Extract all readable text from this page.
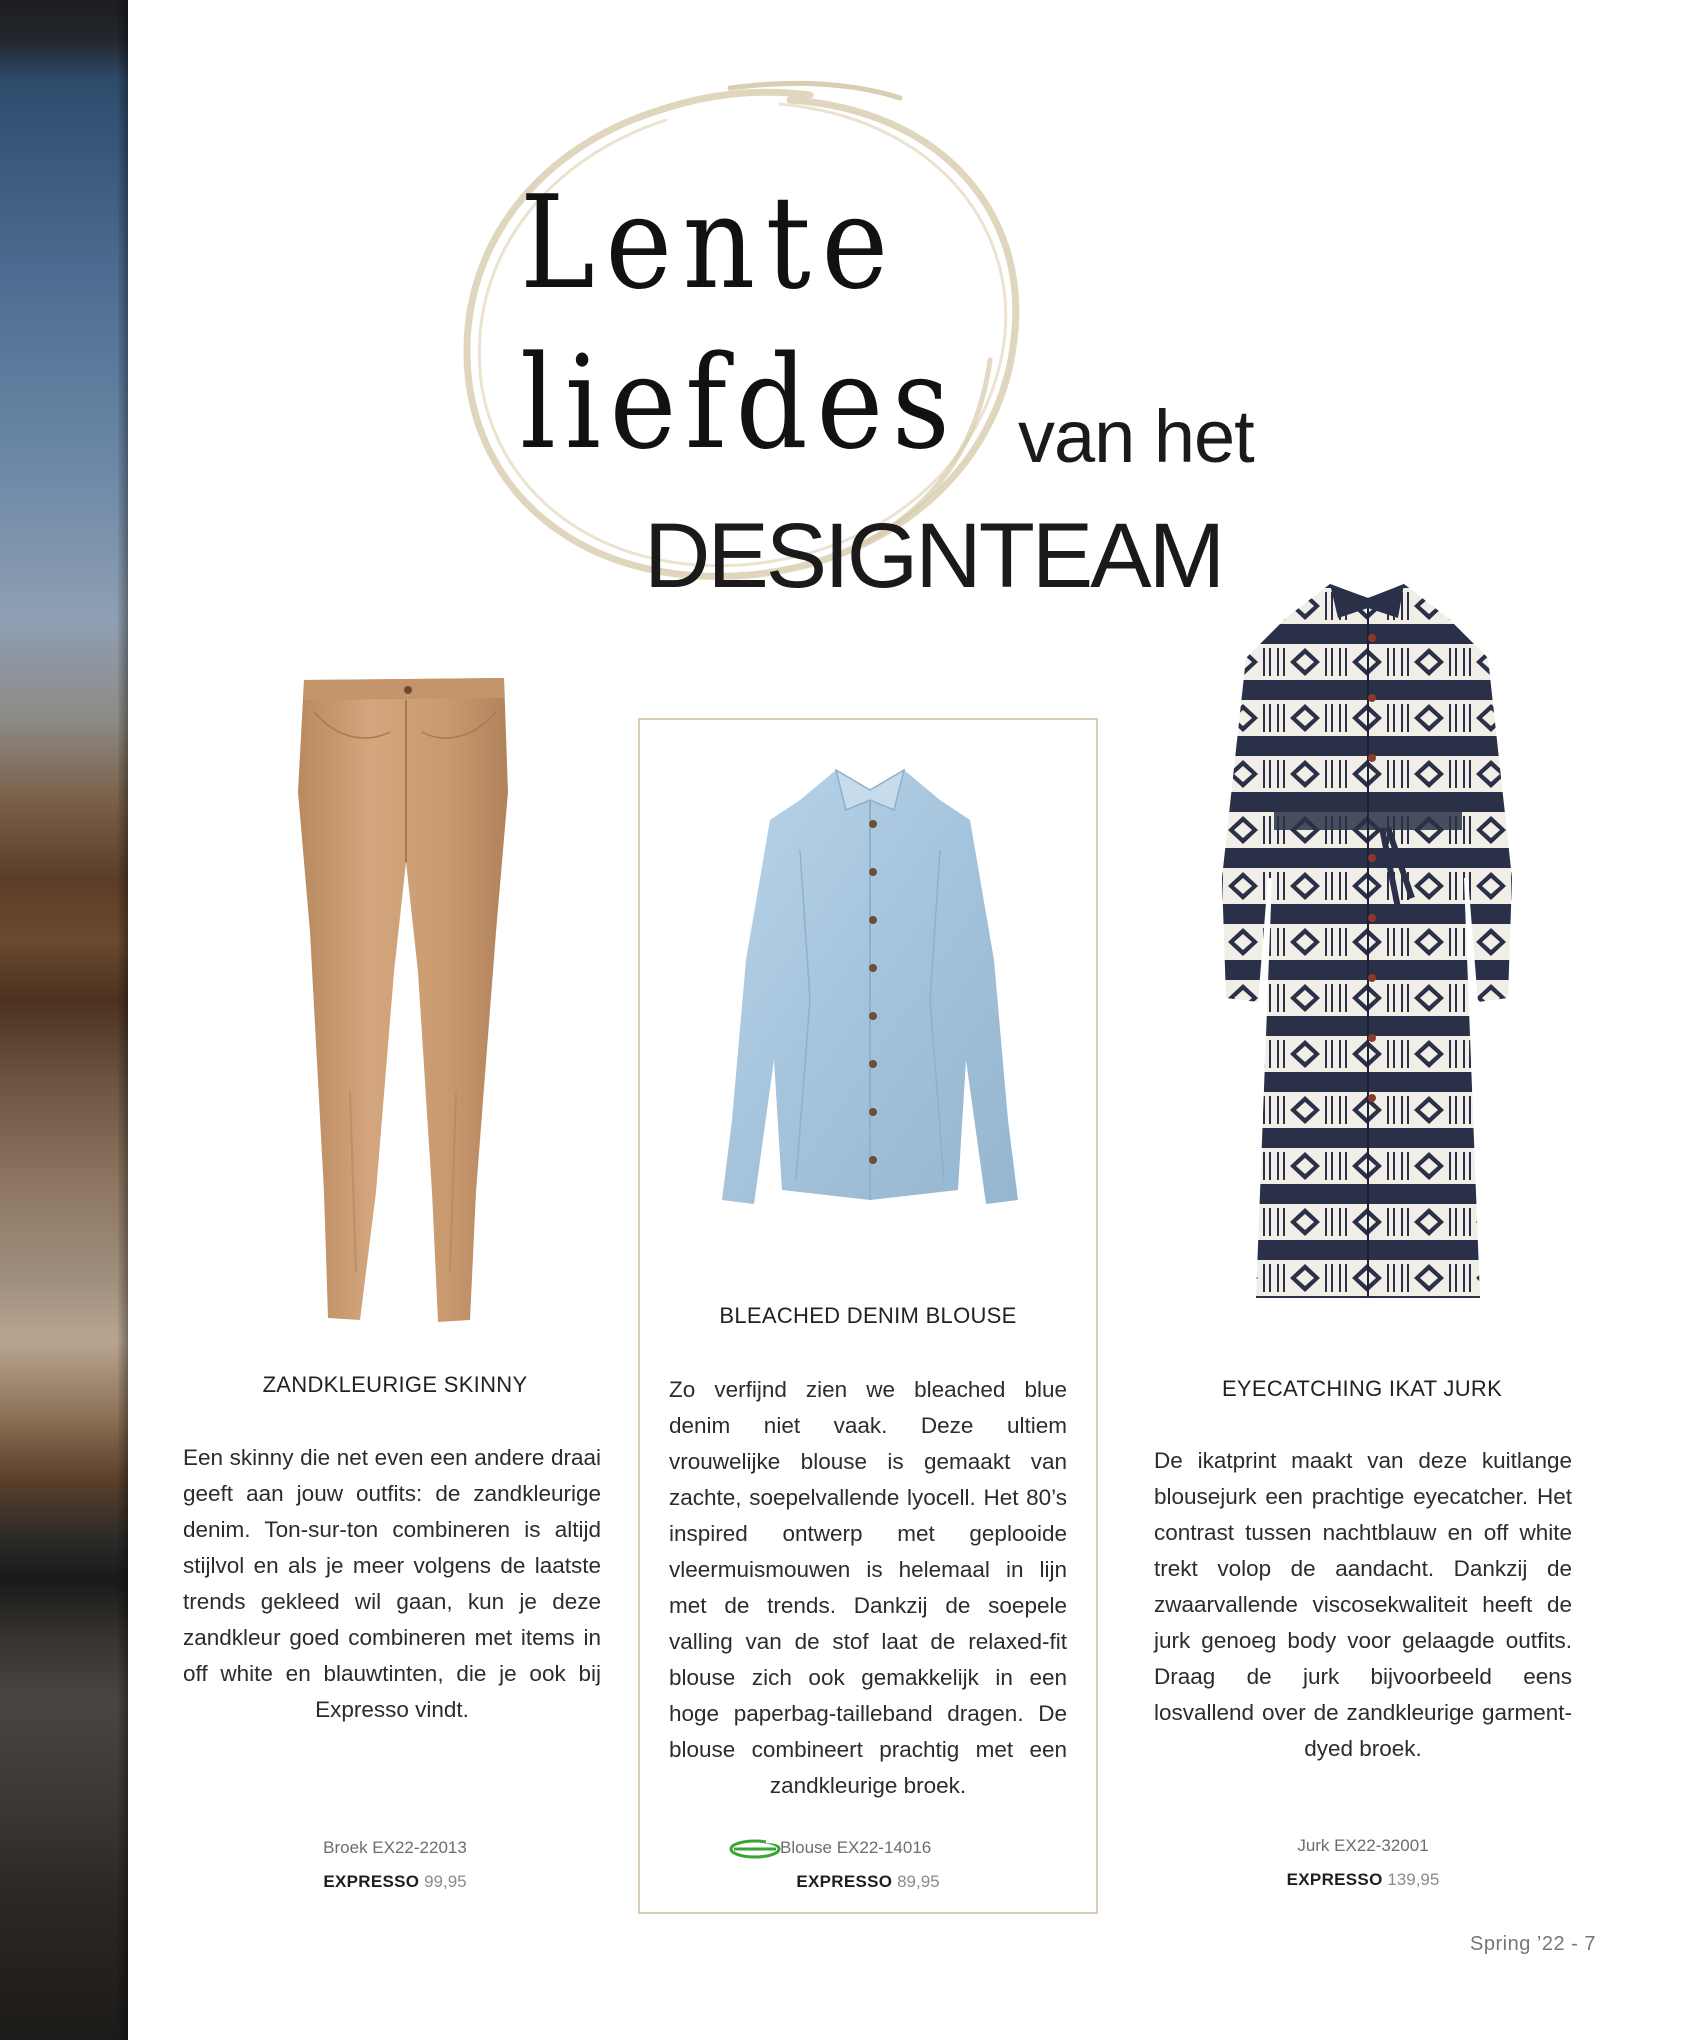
Lente
liefdes van het
DESIGNTEAM
ZANDKLEURIGE SKINNY

Een skinny die net even een andere draai geeft aan jouw outfits: de zandkleurige denim. Ton-sur-ton combineren is altijd stijlvol en als je meer volgens de laatste trends gekleed wil gaan, kun je deze zandkleur goed combineren met items in off white en blauwtinten, die je ook bij Expresso vindt.

Broek EX22-22013

EXPRESSO 99,95

BLEACHED DENIM BLOUSE

Zo verfijnd zien we bleached blue denim niet vaak. Deze ultiem vrouwelijke blouse is gemaakt van zachte, soepelvallende lyocell. Het 80’s inspired ontwerp met geplooide vleermuismouwen is helemaal in lijn met de trends. Dankzij de soepele valling van de stof laat de relaxed-fit blouse zich ook gemakkelijk in een hoge paperbag-tailleband dragen. De blouse combineert prachtig met een zandkleurige broek.

Blouse EX22-14016

EXPRESSO 89,95

EYECATCHING IKAT JURK

De ikatprint maakt van deze kuitlange blousejurk een prachtige eyecatcher. Het contrast tussen nachtblauw en off white trekt volop de aandacht. Dankzij de zwaarvallende viscosekwaliteit heeft de jurk genoeg body voor gelaagde outfits. Draag de jurk bijvoorbeeld eens losvallend over de zandkleurige garment-dyed broek.

Jurk EX22-32001

EXPRESSO 139,95

Spring ’22 - 7
